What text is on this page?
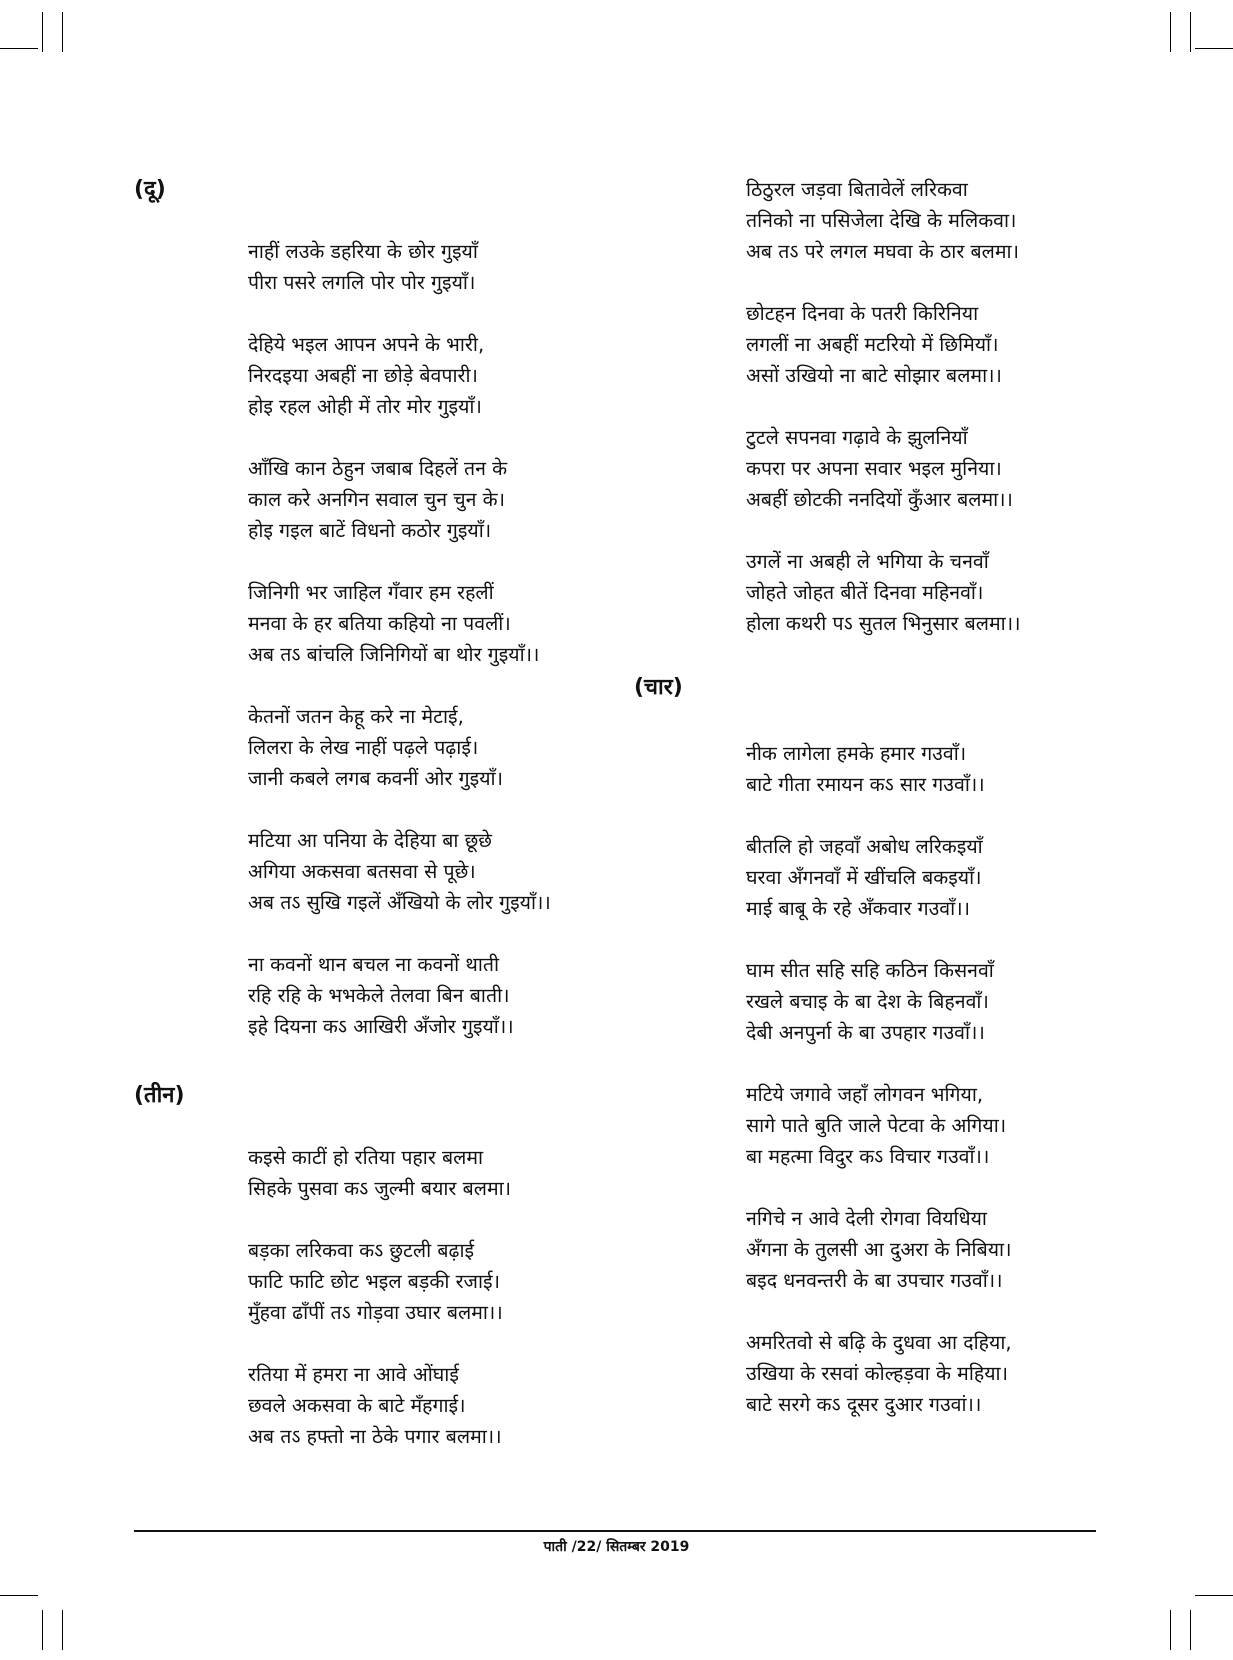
(दू)
नाहीं लउके डहरिया के छोर गुइयाँ
पीरा पसरे लगलि पोर पोर गुइयाँ।
देहिये भइल आपन अपने के भारी,
निरदइया अबहीं ना छोड़े बेवपारी।
होइ रहल ओही में तोर मोर गुइयाँ।
आँखि कान ठेहुन जबाब दिहलें तन के
काल करे अनगिन सवाल चुन चुन के।
होइ गइल बाटें विधनो कठोर गुइयाँ।
जिनिगी भर जाहिल गँवार हम रहलीं
मनवा के हर बतिया कहियो ना पवलीं।
अब तऽ बांचलि जिनिगियों बा थोर गुइयाँ।।
केतनों जतन केहू करे ना मेटाई,
लिलरा के लेख नाहीं पढ़ले पढ़ाई।
जानी कबले लगब कवनीं ओर गुइयाँ।
मटिया आ पनिया के देहिया बा छूछे
अगिया अकसवा बतसवा से पूछे।
अब तऽ सुखि गइलें अँखियो के लोर गुइयाँ।।
ना कवनों थान बचल ना कवनों थाती
रहि रहि के भभकेले तेलवा बिन बाती।
इहे दियना कऽ आखिरी अँजोर गुइयाँ।।
(तीन)
कइसे काटीं हो रतिया पहार बलमा
सिहके पुसवा कऽ जुल्मी बयार बलमा।
बड़का लरिकवा कऽ छुटली बढ़ाई
फाटि फाटि छोट भइल बड़की रजाई।
मुँहवा ढाँपीं तऽ गोड़वा उघार बलमा।।
रतिया में हमरा ना आवे ओंघाई
छवले अकसवा के बाटे मँहगाई।
अब तऽ हफ्तो ना ठेके पगार बलमा।।
ठिठुरल जड़वा बितावेलें लरिकवा
तनिको ना पसिजेला देखि के मलिकवा।
अब तऽ परे लगल मघवा के ठार बलमा।
छोटहन दिनवा के पतरी किरिनिया
लगलीं ना अबहीं मटरियो में छिमियाँ।
असों उखियो ना बाटे सोझार बलमा।।
टुटले सपनवा गढ़ावे के झुलनियाँ
कपरा पर अपना सवार भइल मुनिया।
अबहीं छोटकी ननदियों कुँआर बलमा।।
उगलें ना अबही ले भगिया के चनवाँ
जोहते जोहत बीतें दिनवा महिनवाँ।
होला कथरी पऽ सुतल भिनुसार बलमा।।
(चार)
नीक लागेला हमके हमार गउवाँ।
बाटे गीता रमायन कऽ सार गउवाँ।।
बीतलि हो जहवाँ अबोध लरिकइयाँ
घरवा अँगनवाँ में खींचलि बकइयाँ।
माई बाबू के रहे अँकवार गउवाँ।।
घाम सीत सहि सहि कठिन किसनवाँ
रखले बचाइ के बा देश के बिहनवाँ।
देबी अनपुर्ना के बा उपहार गउवाँ।।
मटिये जगावे जहाँ लोगवन भगिया,
सागे पाते बुति जाले पेटवा के अगिया।
बा महत्मा विदुर कऽ विचार गउवाँ।।
नगिचे न आवे देली रोगवा वियधिया
अँगना के तुलसी आ दुअरा के निबिया।
बइद धनवन्तरी के बा उपचार गउवाँ।।
अमरितवो से बढ़ि के दुधवा आ दहिया,
उखिया के रसवां कोल्हड़वा के महिया।
बाटे सरगे कऽ दूसर दुआर गउवां।।
पाती /22/ सितम्बर 2019
